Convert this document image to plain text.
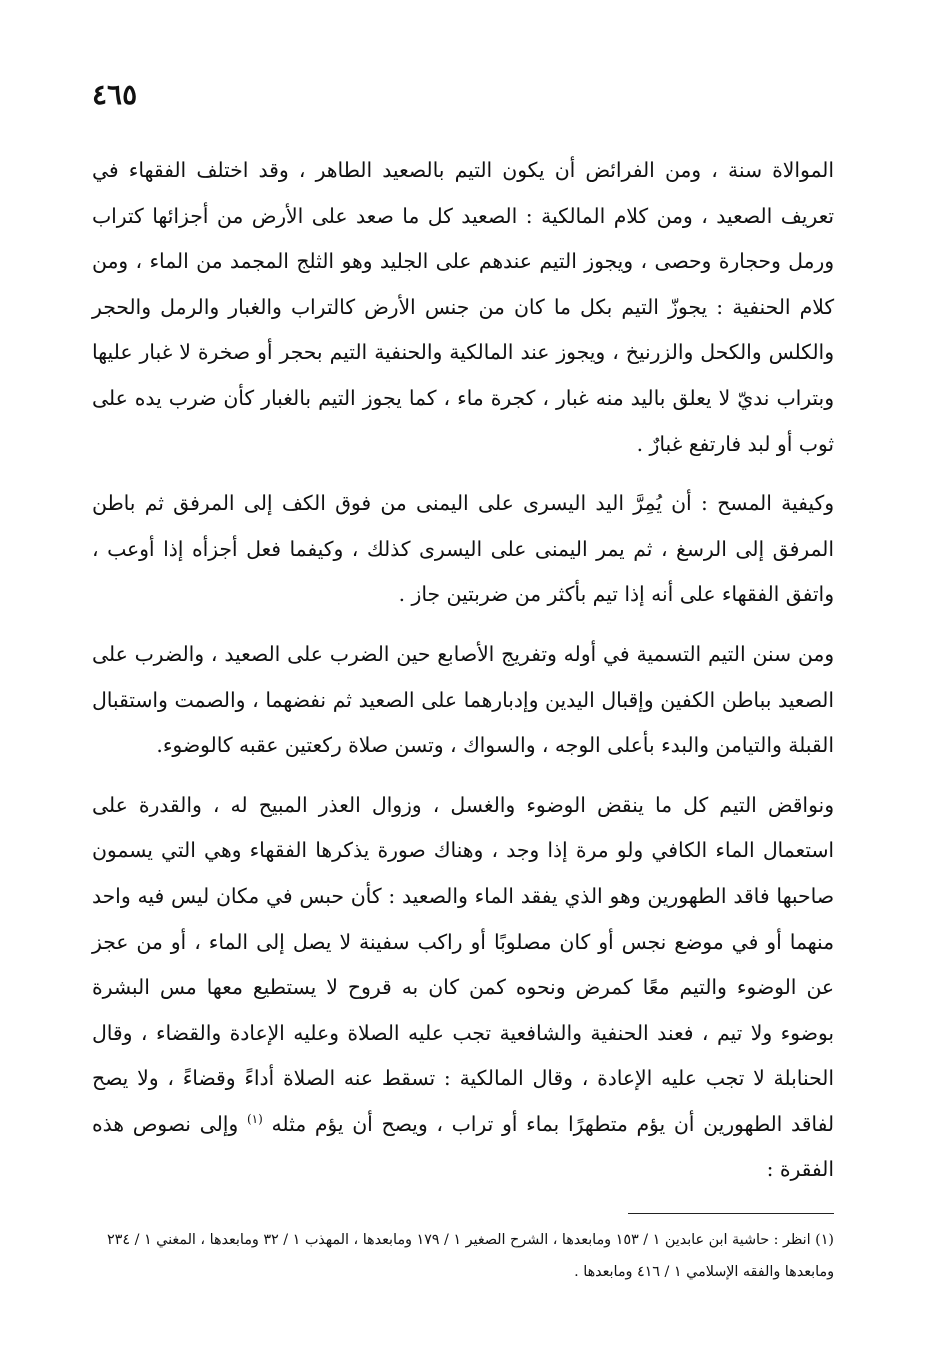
٤٦٥

الموالاة سنة ، ومن الفرائض أن يكون التيم بالصعيد الطاهر ، وقد اختلف الفقهاء في تعريف الصعيد ، ومن كلام المالكية : الصعيد كل ما صعد على الأرض من أجزائها كتراب ورمل وحجارة وحصى ، ويجوز التيم عندهم على الجليد وهو الثلج المجمد من الماء ، ومن كلام الحنفية : يجوزّ التيم بكل ما كان من جنس الأرض كالتراب والغبار والرمل والحجر والكلس والكحل والزرنيخ ، ويجوز عند المالكية والحنفية التيم بحجر أو صخرة لا غبار عليها وبتراب نديّ لا يعلق باليد منه غبار ، كجرة ماء ، كما يجوز التيم بالغبار كأن ضرب يده على ثوب أو لبد فارتفع غبارٌ .

وكيفية المسح : أن يُمِرَّ اليد اليسرى على اليمنى من فوق الكف إلى المرفق ثم باطن المرفق إلى الرسغ ، ثم يمر اليمنى على اليسرى كذلك ، وكيفما فعل أجزأه إذا أوعب ، واتفق الفقهاء على أنه إذا تيم بأكثر من ضربتين جاز .

ومن سنن التيم التسمية في أوله وتفريج الأصابع حين الضرب على الصعيد ، والضرب على الصعيد بباطن الكفين وإقبال اليدين وإدبارهما على الصعيد ثم نفضهما ، والصمت واستقبال القبلة والتيامن والبدء بأعلى الوجه ، والسواك ، وتسن صلاة ركعتين عقبه كالوضوء.

ونواقض التيم كل ما ينقض الوضوء والغسل ، وزوال العذر المبيح له ، والقدرة على استعمال الماء الكافي ولو مرة إذا وجد ، وهناك صورة يذكرها الفقهاء وهي التي يسمون صاحبها فاقد الطهورين وهو الذي يفقد الماء والصعيد : كأن حبس في مكان ليس فيه واحد منهما أو في موضع نجس أو كان مصلوبًا أو راكب سفينة لا يصل إلى الماء ، أو من عجز عن الوضوء والتيم معًا كمرض ونحوه كمن كان به قروح لا يستطيع معها مس البشرة بوضوء ولا تيم ، فعند الحنفية والشافعية تجب عليه الصلاة وعليه الإعادة والقضاء ، وقال الحنابلة لا تجب عليه الإعادة ، وقال المالكية : تسقط عنه الصلاة أداءً وقضاءً ، ولا يصح لفاقد الطهورين أن يؤم متطهرًا بماء أو تراب ، ويصح أن يؤم مثله $^{(١)}$ وإلى نصوص هذه الفقرة :

(١) انظر : حاشية ابن عابدين ١ / ١٥٣ ومابعدها ، الشرح الصغير ١ / ١٧٩ ومابعدها ، المهذب ١ / ٣٢ ومابعدها ، المغني ١ / ٢٣٤ ومابعدها والفقه الإسلامي ١ / ٤١٦ ومابعدها .
